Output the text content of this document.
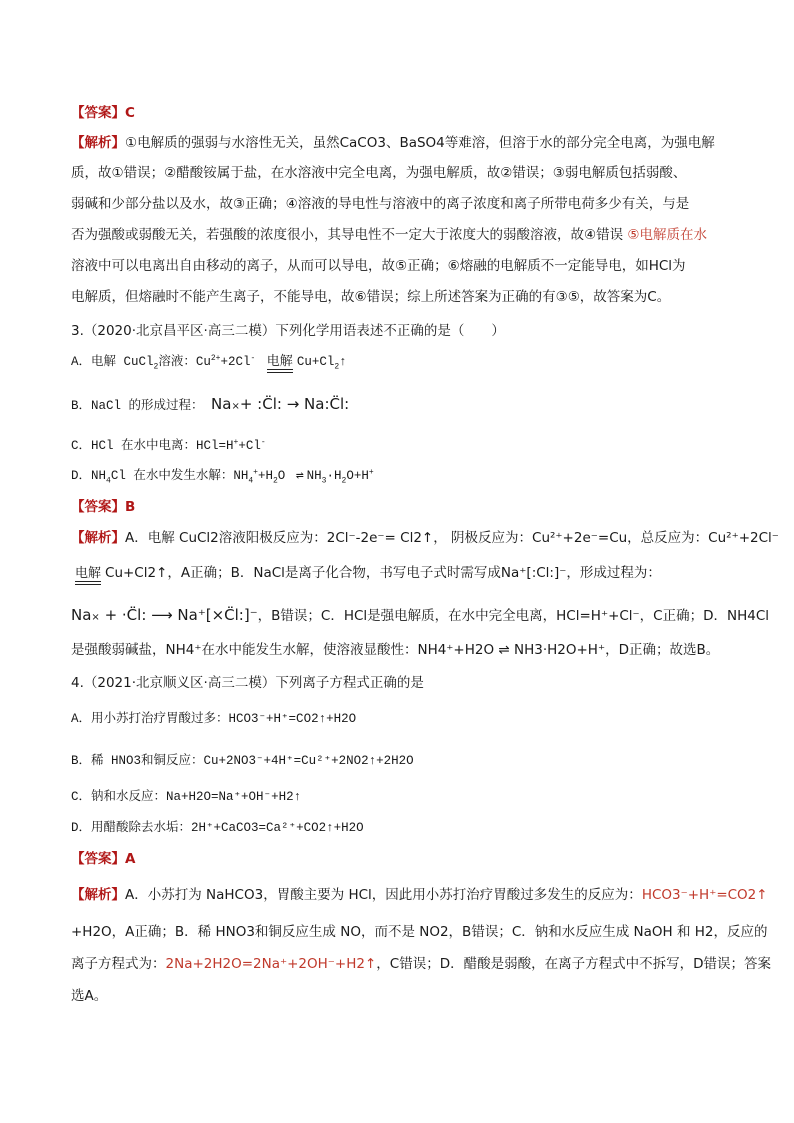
【答案】C
【解析】①电解质的强弱与水溶性无关，虽然CaCO3、BaSO4等难溶，但溶于水的部分完全电离，为强电解
质，故①错误；②醋酸铵属于盐，在水溶液中完全电离，为强电解质，故②错误；③弱电解质包括弱酸、
弱碱和少部分盐以及水，故③正确；④溶液的导电性与溶液中的离子浓度和离子所带电荷多少有关，与是
否为强酸或弱酸无关，若强酸的浓度很小，其导电性不一定大于浓度大的弱酸溶液，故④错误 ⑤电解质在水
溶液中可以电离出自由移动的离子，从而可以导电，故⑤正确；⑥熔融的电解质不一定能导电，如HCl为
电解质，但熔融时不能产生离子，不能导电，故⑥错误；综上所述答案为正确的有③⑤，故答案为C。
3.（2020·北京昌平区·高三二模）下列化学用语表述不正确的是（　　）
A．电解 CuCl$_2$溶液：$Cu^{2+}+2Cl^-$ 电解 $Cu+Cl_2↑$
B．NaCl 的形成过程： Na×+ :C̈l: → Na:C̈l:
C．HCl 在水中电离：HCl=H++Cl-
D．$NH_4Cl$ 在水中发生水解：$NH_4^++H_2O$ ⇌ $NH_3\cdot H_2O+H^+$
【答案】B
【解析】A．电解 CuCl2溶液阳极反应为：2Cl⁻-2e⁻= Cl2↑， 阴极反应为：Cu²⁺+2e⁻=Cu，总反应为：Cu²⁺+2Cl⁻
电解 Cu+Cl2↑，A正确；B．NaCl是离子化合物，书写电子式时需写成Na⁺[:Cl:]⁻，形成过程为：
Na× + ·C̈l: ⟶ Na⁺[×C̈l:]⁻，B错误；C．HCl是强电解质，在水中完全电离，HCl=H⁺+Cl⁻，C正确；D．NH4Cl
是强酸弱碱盐，NH4⁺在水中能发生水解，使溶液显酸性：NH4⁺+H2O ⇌ NH3·H2O+H⁺，D正确；故选B。
4.（2021·北京顺义区·高三二模）下列离子方程式正确的是
A．用小苏打治疗胃酸过多：HCO3⁻+H⁺=CO2↑+H2O
B．稀 HNO3和铜反应：Cu+2NO3⁻+4H⁺=Cu²⁺+2NO2↑+2H2O
C．钠和水反应：Na+H2O=Na⁺+OH⁻+H2↑
D．用醋酸除去水垢：2H⁺+CaCO3=Ca²⁺+CO2↑+H2O
【答案】A
【解析】A．小苏打为 NaHCO3，胃酸主要为 HCl，因此用小苏打治疗胃酸过多发生的反应为：HCO3⁻+H⁺=CO2↑
+H2O，A正确；B．稀 HNO3和铜反应生成 NO，而不是 NO2，B错误；C．钠和水反应生成 NaOH 和 H2，反应的
离子方程式为：2Na+2H2O=2Na⁺+2OH⁻+H2↑，C错误；D．醋酸是弱酸，在离子方程式中不拆写，D错误；答案
选A。
